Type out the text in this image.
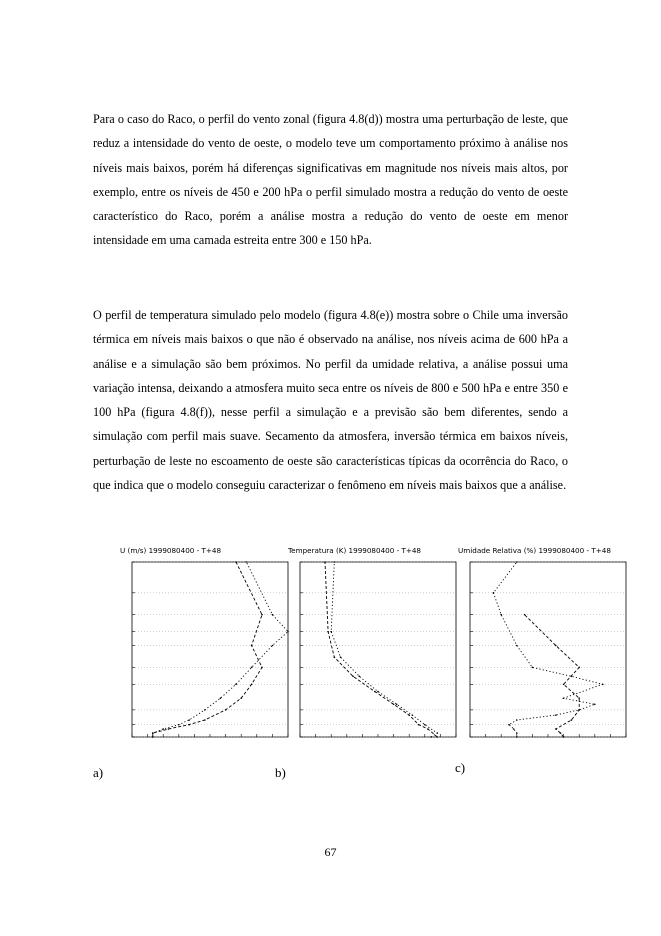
Para o caso do Raco, o perfil do vento zonal (figura 4.8(d)) mostra uma perturbação de leste, que reduz a intensidade do vento de oeste, o modelo teve um comportamento próximo à análise nos níveis mais baixos, porém há diferenças significativas em magnitude nos níveis mais altos, por exemplo, entre os níveis de 450 e 200 hPa o perfil simulado mostra a redução do vento de oeste característico do Raco, porém a análise mostra a redução do vento de oeste em menor intensidade em uma camada estreita entre 300 e 150 hPa.

O perfil de temperatura simulado pelo modelo (figura 4.8(e)) mostra sobre o Chile uma inversão térmica em níveis mais baixos o que não é observado na análise, nos níveis acima de 600 hPa a análise e a simulação são bem próximos. No perfil da umidade relativa, a análise possui uma variação intensa, deixando a atmosfera muito seca entre os níveis de 800 e 500 hPa e entre 350 e 100 hPa (figura 4.8(f)), nesse perfil a simulação e a previsão são bem diferentes, sendo a simulação com perfil mais suave. Secamento da atmosfera, inversão térmica em baixos níveis, perturbação de leste no escoamento de oeste são características típicas da ocorrência do Raco, o que indica que o modelo conseguiu caracterizar o fenômeno em níveis mais baixos que a análise.

U (m/s) 1999080400 - T+48	Temperatura (K) 1999080400 - T+48	Umidade Relativa (%) 1999080400 - T+48
a)	b)	c)
67
